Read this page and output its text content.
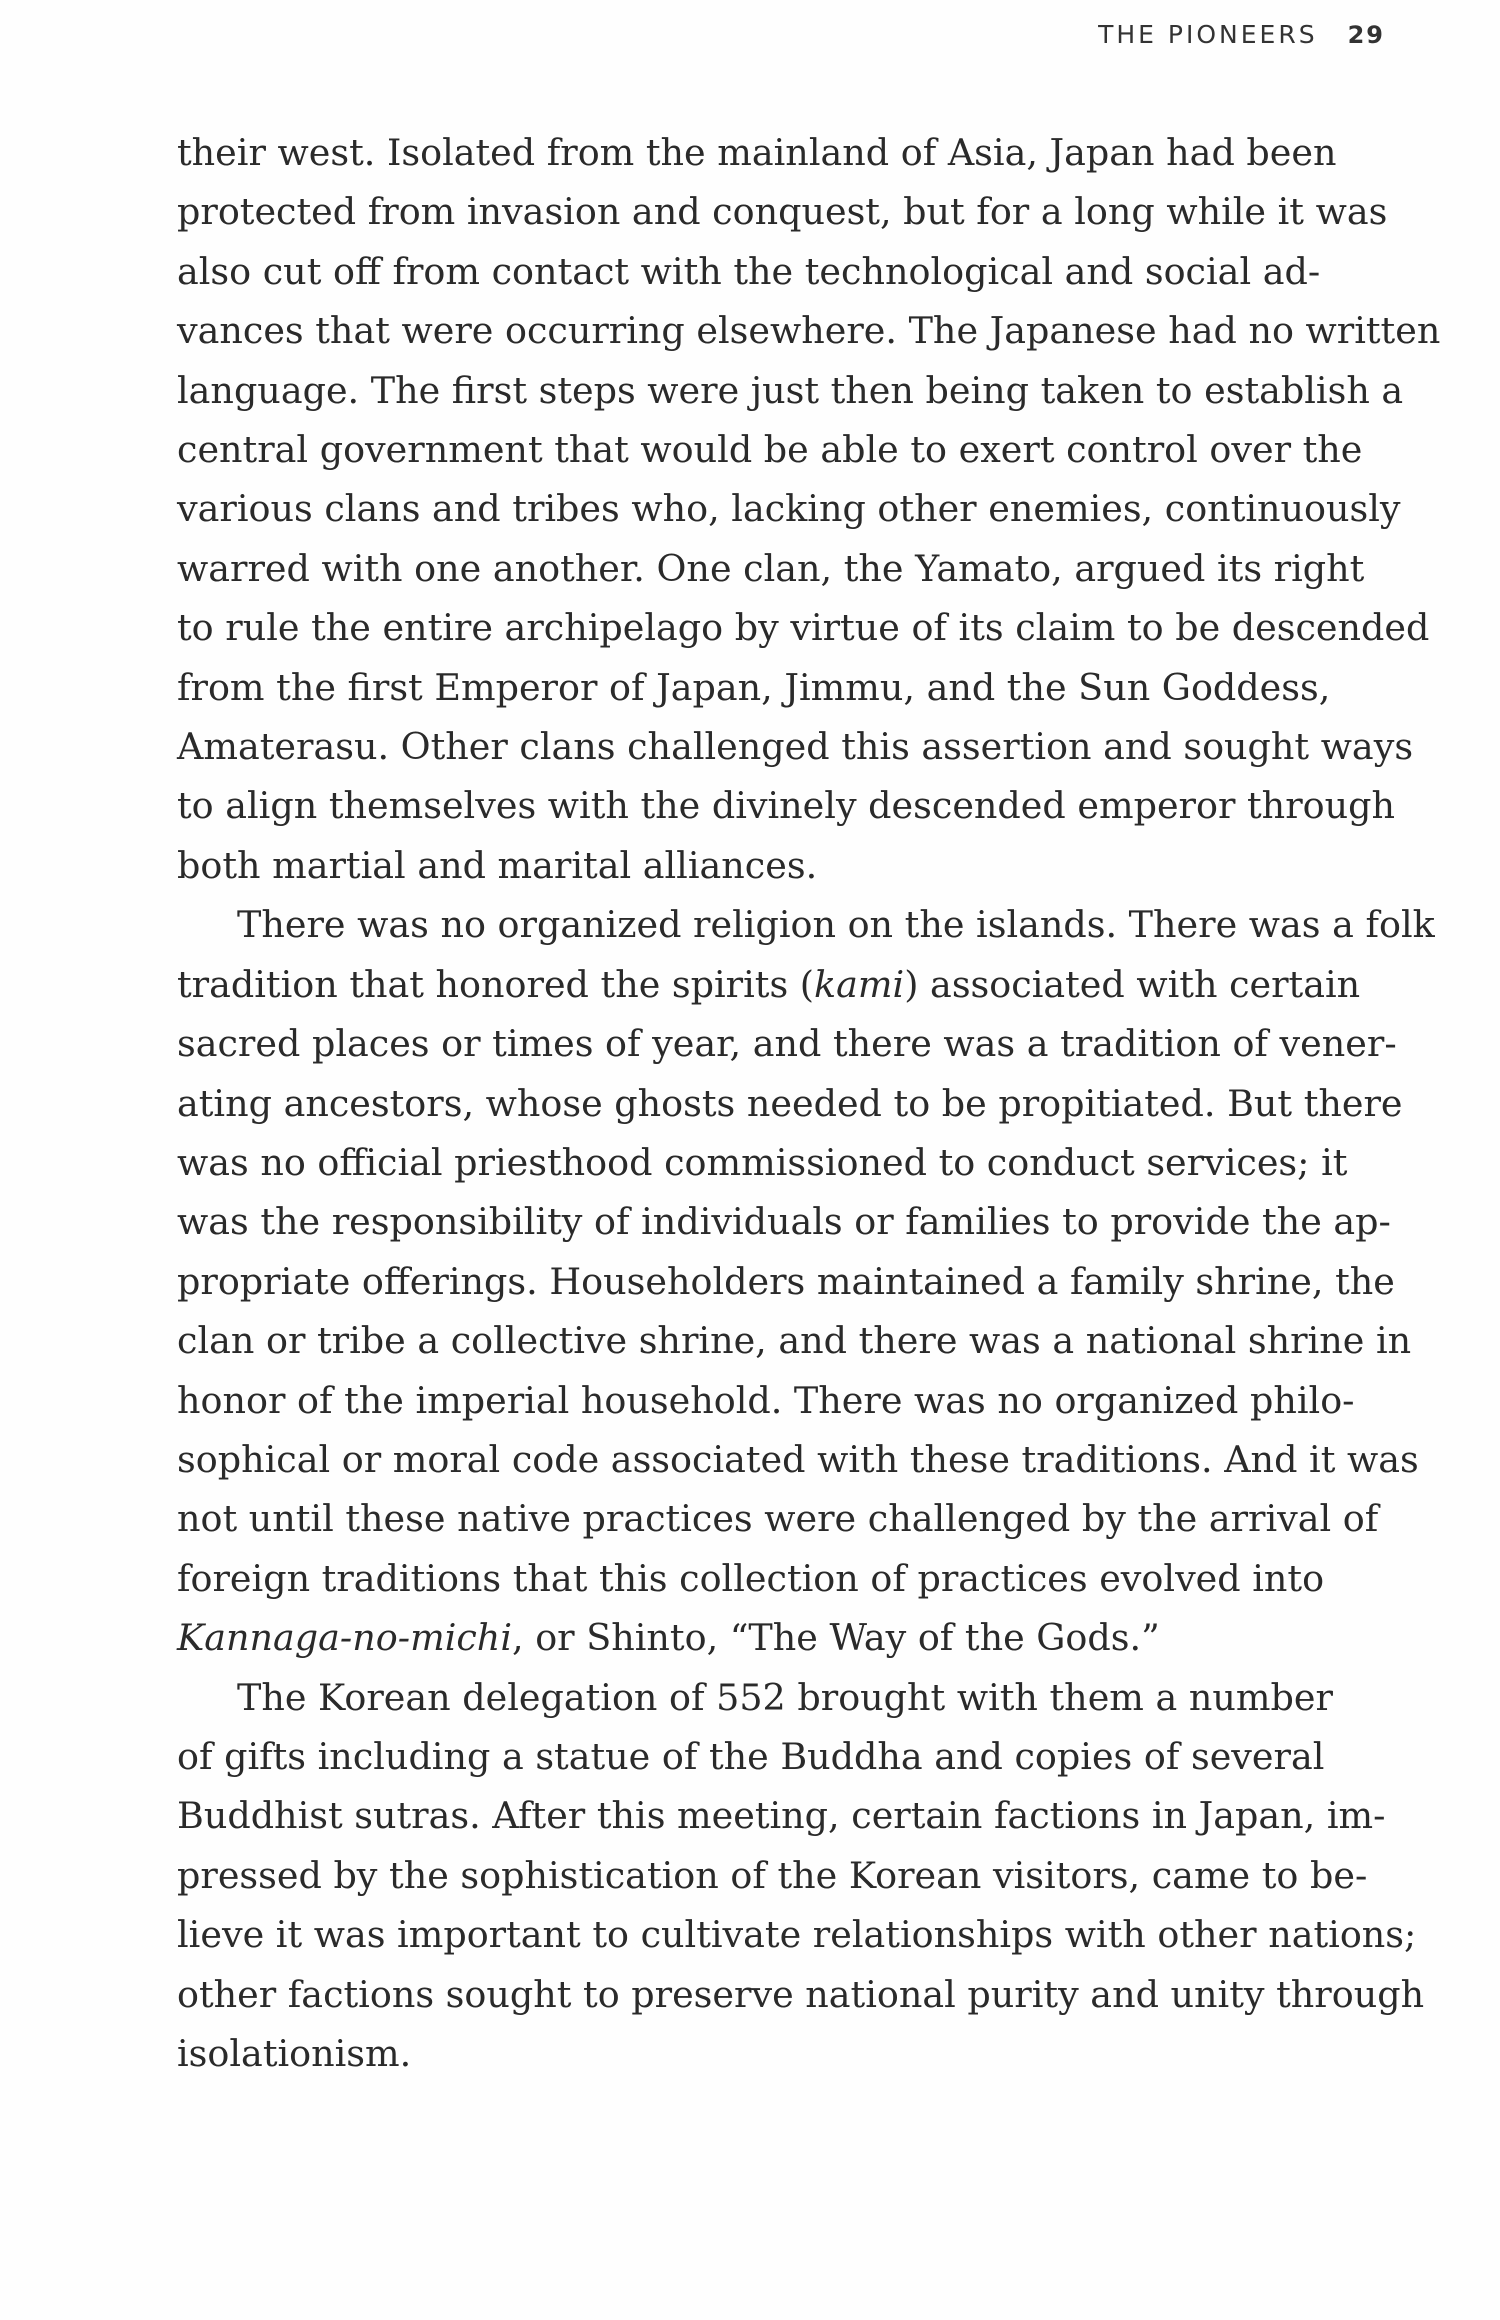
THE PIONEERS 29
their west. Isolated from the mainland of Asia, Japan had been
protected from invasion and conquest, but for a long while it was
also cut off from contact with the technological and social ad-
vances that were occurring elsewhere. The Japanese had no written
language. The first steps were just then being taken to establish a
central government that would be able to exert control over the
various clans and tribes who, lacking other enemies, continuously
warred with one another. One clan, the Yamato, argued its right
to rule the entire archipelago by virtue of its claim to be descended
from the first Emperor of Japan, Jimmu, and the Sun Goddess,
Amaterasu. Other clans challenged this assertion and sought ways
to align themselves with the divinely descended emperor through
both martial and marital alliances.
There was no organized religion on the islands. There was a folk
tradition that honored the spirits (kami) associated with certain
sacred places or times of year, and there was a tradition of vener-
ating ancestors, whose ghosts needed to be propitiated. But there
was no official priesthood commissioned to conduct services; it
was the responsibility of individuals or families to provide the ap-
propriate offerings. Householders maintained a family shrine, the
clan or tribe a collective shrine, and there was a national shrine in
honor of the imperial household. There was no organized philo-
sophical or moral code associated with these traditions. And it was
not until these native practices were challenged by the arrival of
foreign traditions that this collection of practices evolved into
Kannaga-no-michi, or Shinto, “The Way of the Gods.”
The Korean delegation of 552 brought with them a number
of gifts including a statue of the Buddha and copies of several
Buddhist sutras. After this meeting, certain factions in Japan, im-
pressed by the sophistication of the Korean visitors, came to be-
lieve it was important to cultivate relationships with other nations;
other factions sought to preserve national purity and unity through
isolationism.
